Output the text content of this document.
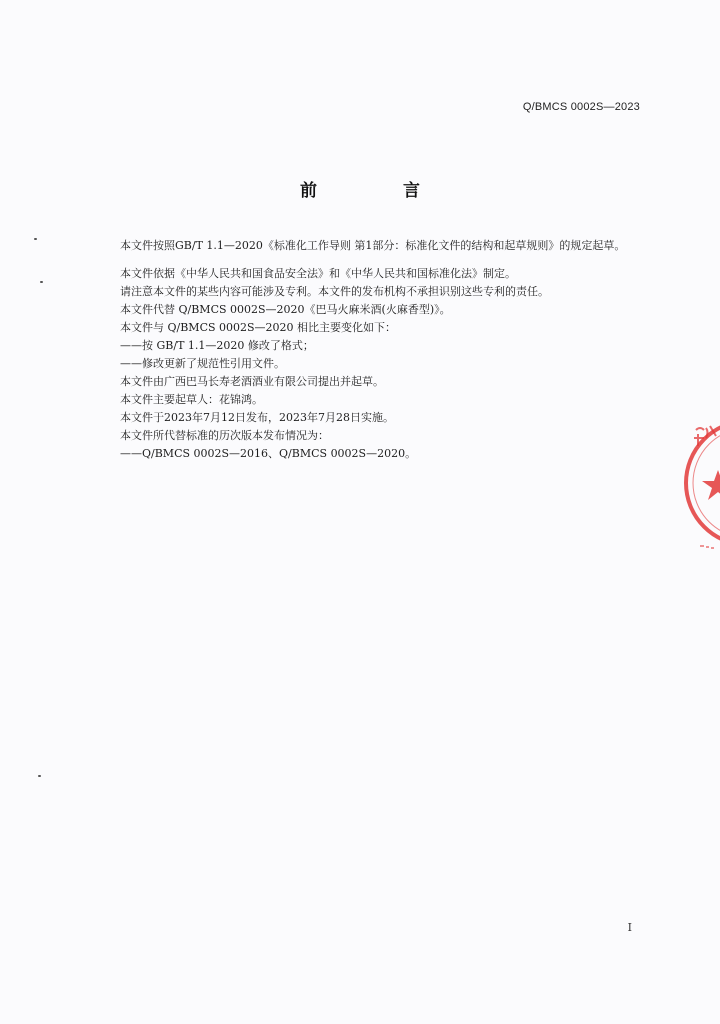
Q/BMCS 0002S—2023
前 言

本文件按照GB/T 1.1—2020《标准化工作导则 第1部分：标准化文件的结构和起草规则》的规定起草。

本文件依据《中华人民共和国食品安全法》和《中华人民共和国标准化法》制定。

请注意本文件的某些内容可能涉及专利。本文件的发布机构不承担识别这些专利的责任。

本文件代替 Q/BMCS 0002S—2020《巴马火麻米酒(火麻香型)》。

本文件与 Q/BMCS 0002S—2020 相比主要变化如下：

——按 GB/T 1.1—2020 修改了格式；

——修改更新了规范性引用文件。

本文件由广西巴马长寿老酒酒业有限公司提出并起草。

本文件主要起草人：花锦鸿。

本文件于2023年7月12日发布，2023年7月28日实施。

本文件所代替标准的历次版本发布情况为：

——Q/BMCS 0002S—2016、Q/BMCS 0002S—2020。

I
